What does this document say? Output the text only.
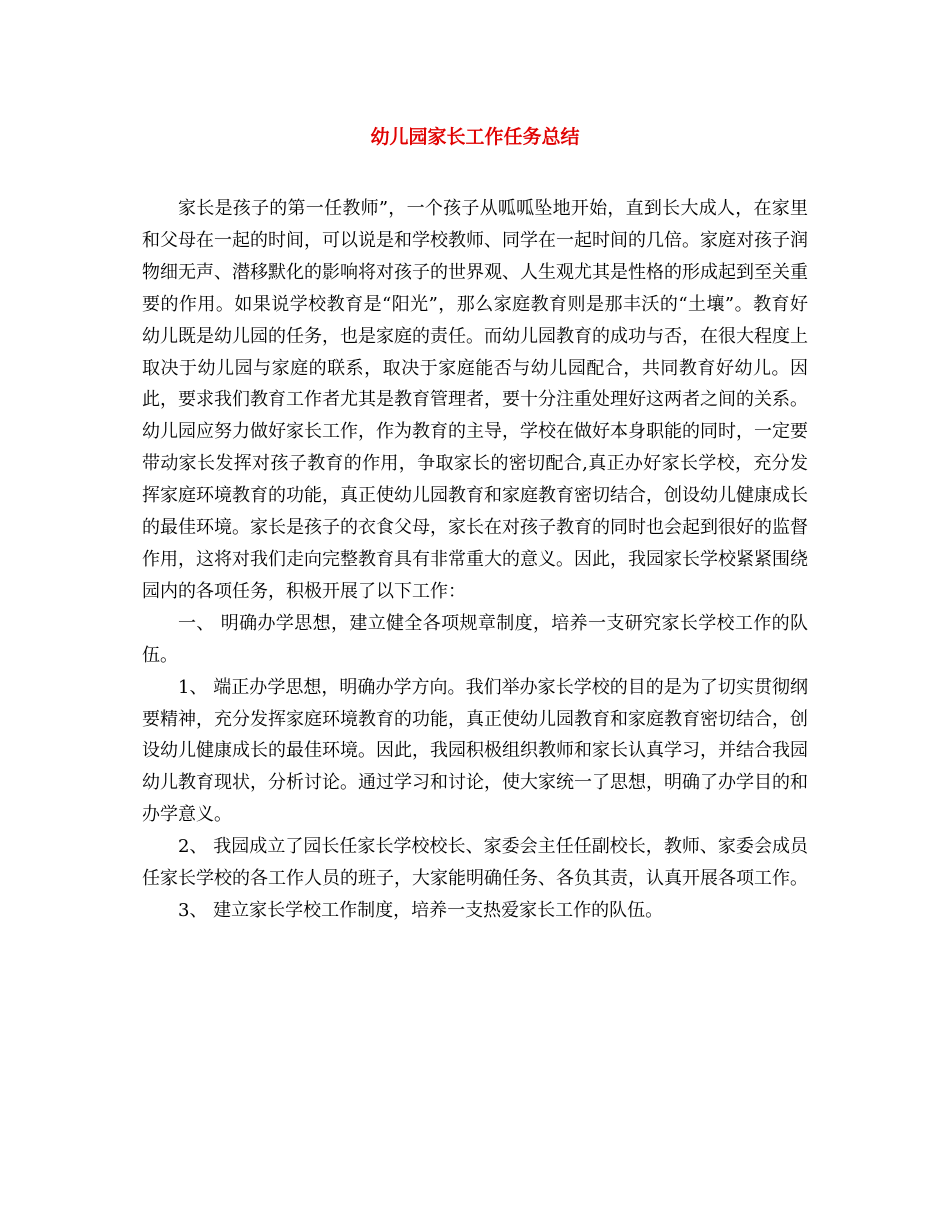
幼儿园家长工作任务总结

家长是孩子的第一任教师”，一个孩子从呱呱坠地开始，直到长大成人，在家里和父母在一起的时间，可以说是和学校教师、同学在一起时间的几倍。家庭对孩子润物细无声、潜移默化的影响将对孩子的世界观、人生观尤其是性格的形成起到至关重要的作用。如果说学校教育是“阳光”，那么家庭教育则是那丰沃的“土壤”。教育好幼儿既是幼儿园的任务，也是家庭的责任。而幼儿园教育的成功与否，在很大程度上取决于幼儿园与家庭的联系，取决于家庭能否与幼儿园配合，共同教育好幼儿。因此，要求我们教育工作者尤其是教育管理者，要十分注重处理好这两者之间的关系。幼儿园应努力做好家长工作，作为教育的主导，学校在做好本身职能的同时，一定要带动家长发挥对孩子教育的作用，争取家长的密切配合,真正办好家长学校，充分发挥家庭环境教育的功能，真正使幼儿园教育和家庭教育密切结合，创设幼儿健康成长的最佳环境。家长是孩子的衣食父母，家长在对孩子教育的同时也会起到很好的监督作用，这将对我们走向完整教育具有非常重大的意义。因此，我园家长学校紧紧围绕园内的各项任务，积极开展了以下工作：

一、 明确办学思想，建立健全各项规章制度，培养一支研究家长学校工作的队伍。

1、 端正办学思想，明确办学方向。我们举办家长学校的目的是为了切实贯彻纲要精神，充分发挥家庭环境教育的功能，真正使幼儿园教育和家庭教育密切结合，创设幼儿健康成长的最佳环境。因此，我园积极组织教师和家长认真学习，并结合我园幼儿教育现状，分析讨论。通过学习和讨论，使大家统一了思想，明确了办学目的和办学意义。

2、 我园成立了园长任家长学校校长、家委会主任任副校长，教师、家委会成员任家长学校的各工作人员的班子，大家能明确任务、各负其责，认真开展各项工作。

3、 建立家长学校工作制度，培养一支热爱家长工作的队伍。
